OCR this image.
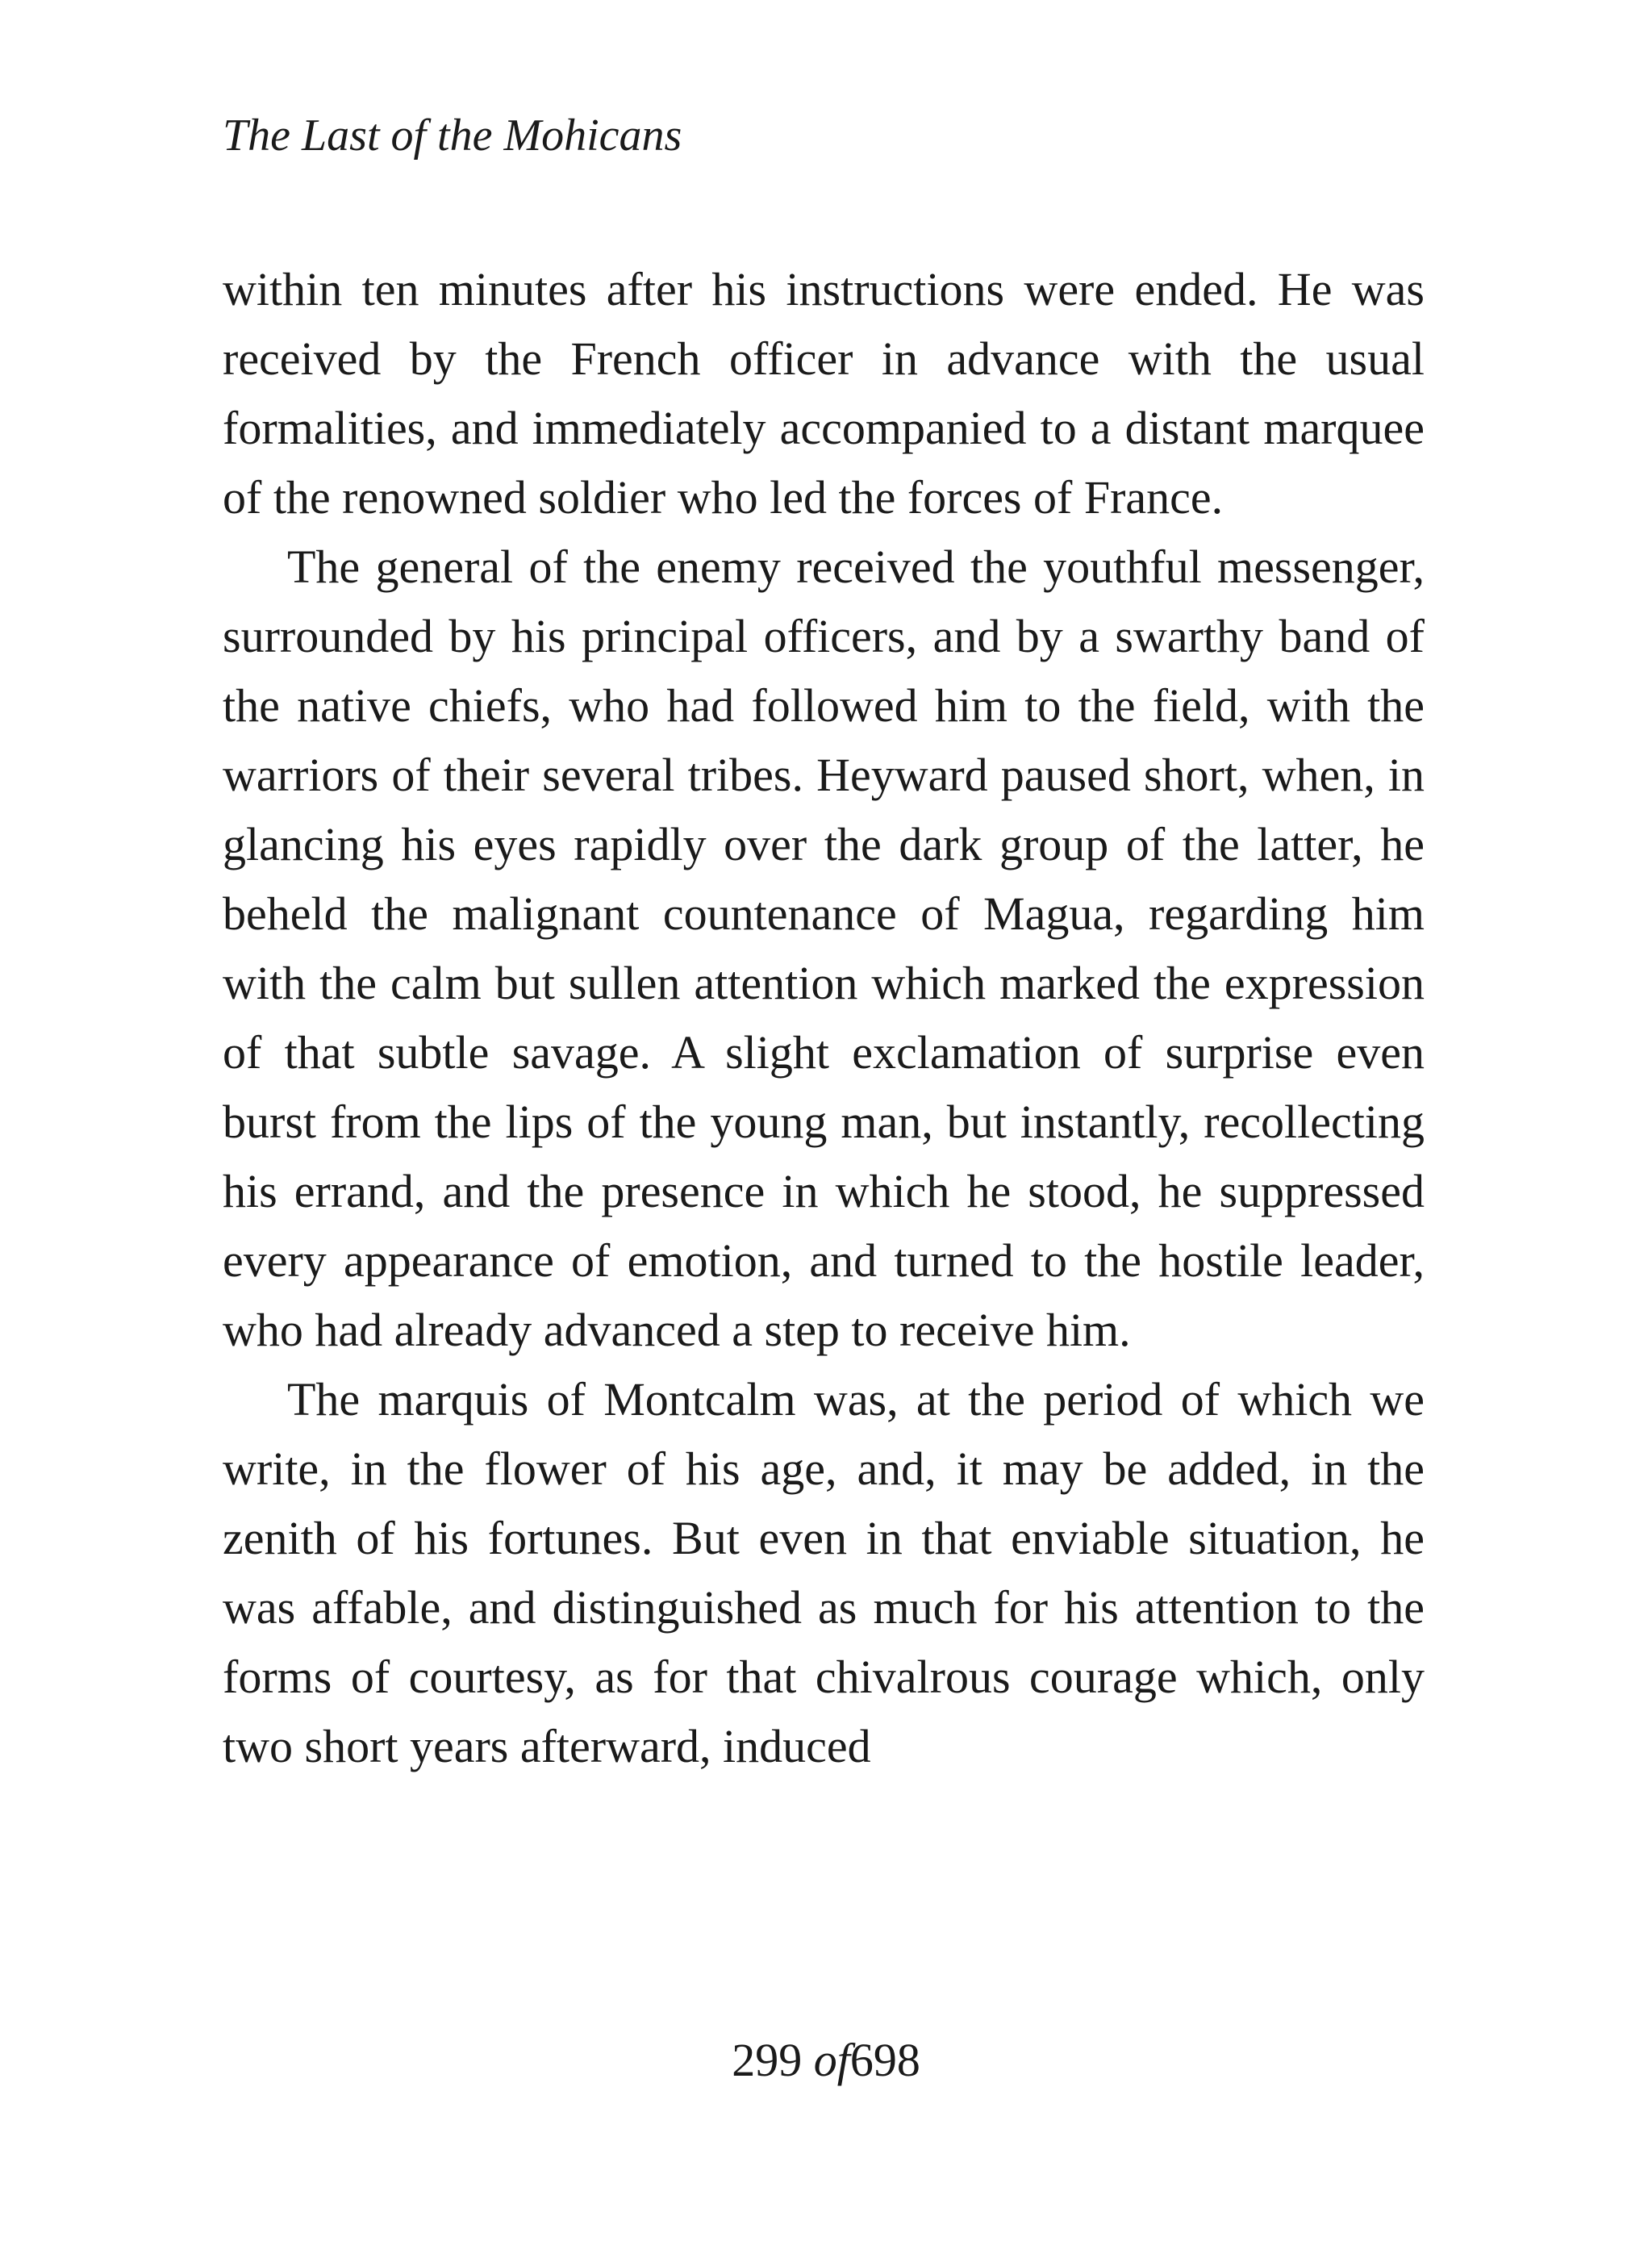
The Last of the Mohicans

within ten minutes after his instructions were ended. He was received by the French officer in advance with the usual formalities, and immediately accompanied to a distant marquee of the renowned soldier who led the forces of France.

The general of the enemy received the youthful messenger, surrounded by his principal officers, and by a swarthy band of the native chiefs, who had followed him to the field, with the warriors of their several tribes. Heyward paused short, when, in glancing his eyes rapidly over the dark group of the latter, he beheld the malignant countenance of Magua, regarding him with the calm but sullen attention which marked the expression of that subtle savage. A slight exclamation of surprise even burst from the lips of the young man, but instantly, recollecting his errand, and the presence in which he stood, he suppressed every appearance of emotion, and turned to the hostile leader, who had already advanced a step to receive him.

The marquis of Montcalm was, at the period of which we write, in the flower of his age, and, it may be added, in the zenith of his fortunes. But even in that enviable situation, he was affable, and distinguished as much for his attention to the forms of courtesy, as for that chivalrous courage which, only two short years afterward, induced

299 of698
